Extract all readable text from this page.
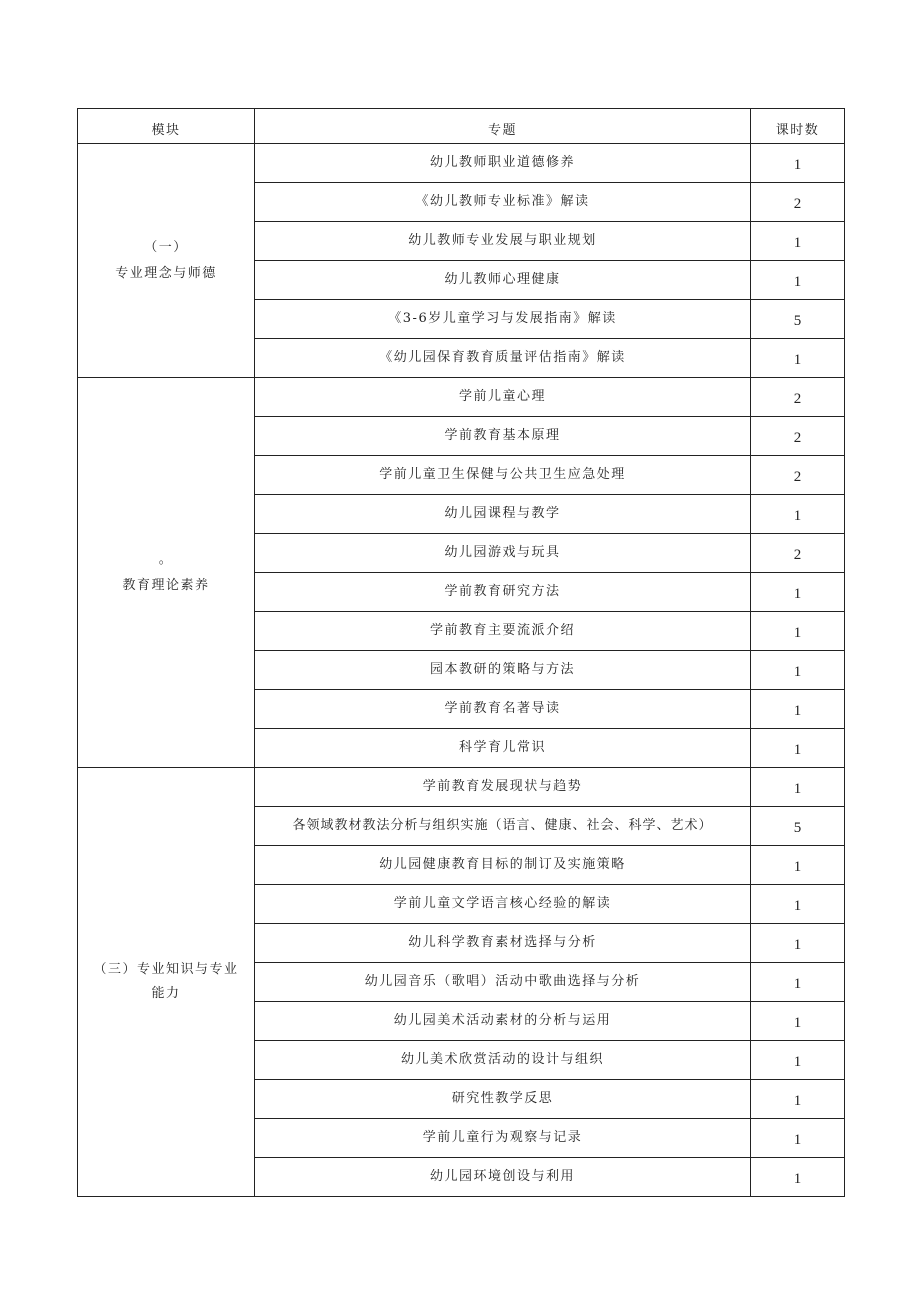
模块	专题	课时数

（一）
专业理念与师德	幼儿教师职业道德修养	1
	《幼儿教师专业标准》解读	2
	幼儿教师专业发展与职业规划	1
	幼儿教师心理健康	1
	《3-6岁儿童学习与发展指南》解读	5
	《幼儿园保育教育质量评估指南》解读	1

。
教育理论素养	学前儿童心理	2
	学前教育基本原理	2
	学前儿童卫生保健与公共卫生应急处理	2
	幼儿园课程与教学	1
	幼儿园游戏与玩具	2
	学前教育研究方法	1
	学前教育主要流派介绍	1
	园本教研的策略与方法	1
	学前教育名著导读	1
	科学育儿常识	1

（三）专业知识与专业能力	学前教育发展现状与趋势	1
	各领域教材教法分析与组织实施（语言、健康、社会、科学、艺术）	5
	幼儿园健康教育目标的制订及实施策略	1
	学前儿童文学语言核心经验的解读	1
	幼儿科学教育素材选择与分析	1
	幼儿园音乐（歌唱）活动中歌曲选择与分析	1
	幼儿园美术活动素材的分析与运用	1
	幼儿美术欣赏活动的设计与组织	1
	研究性教学反思	1
	学前儿童行为观察与记录	1
	幼儿园环境创设与利用	1
